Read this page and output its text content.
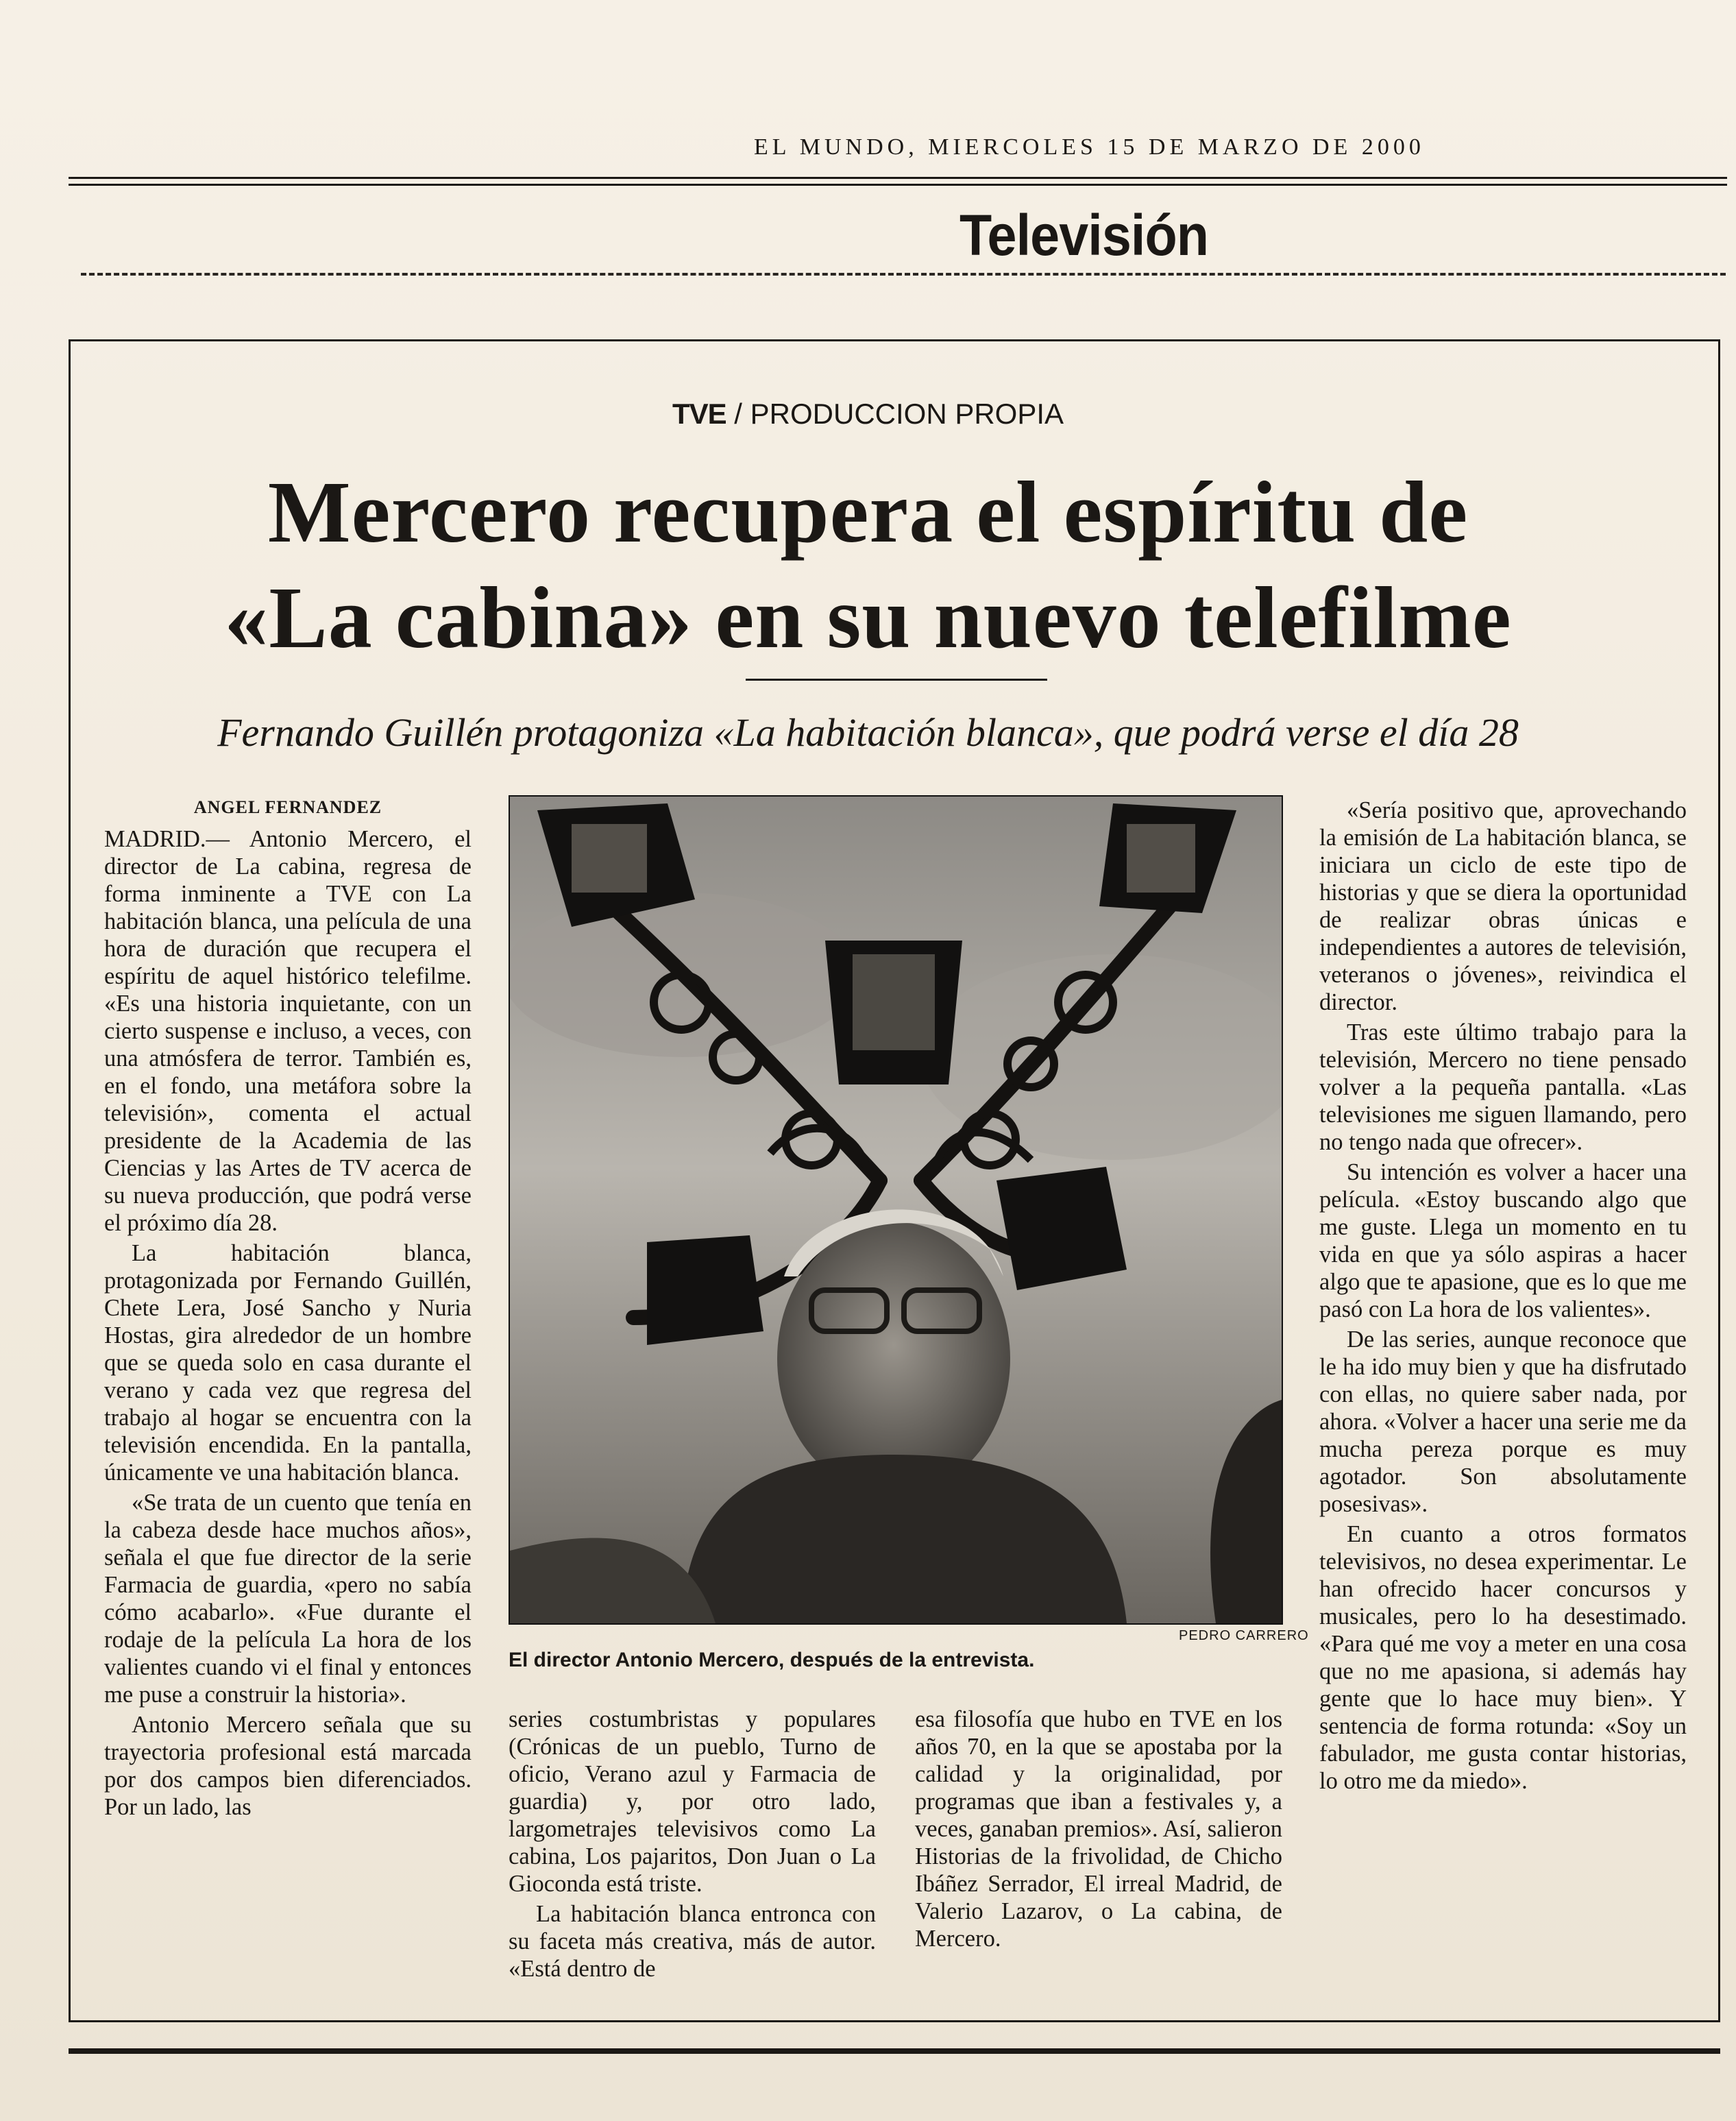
EL MUNDO, MIERCOLES 15 DE MARZO DE 2000
Televisión
TVE / PRODUCCION PROPIA
Mercero recupera el espíritu de
«La cabina» en su nuevo telefilme
Fernando Guillén protagoniza «La habitación blanca», que podrá verse el día 28

ANGEL FERNANDEZ

MADRID.— Antonio Mercero, el director de La cabina, regresa de forma inminente a TVE con La habitación blanca, una película de una hora de duración que recupera el espíritu de aquel histórico telefilme. «Es una historia inquietante, con un cierto suspense e incluso, a veces, con una atmósfera de terror. También es, en el fondo, una metáfora sobre la televisión», comenta el actual presidente de la Academia de las Ciencias y las Artes de TV acerca de su nueva producción, que podrá verse el próximo día 28.

La habitación blanca, protagonizada por Fernando Guillén, Chete Lera, José Sancho y Nuria Hostas, gira alrededor de un hombre que se queda solo en casa durante el verano y cada vez que regresa del trabajo al hogar se encuentra con la televisión encendida. En la pantalla, únicamente ve una habitación blanca.

«Se trata de un cuento que tenía en la cabeza desde hace muchos años», señala el que fue director de la serie Farmacia de guardia, «pero no sabía cómo acabarlo». «Fue durante el rodaje de la película La hora de los valientes cuando vi el final y entonces me puse a construir la historia».

Antonio Mercero señala que su trayectoria profesional está marcada por dos campos bien diferenciados. Por un lado, las

PEDRO CARRERO
El director Antonio Mercero, después de la entrevista.

series costumbristas y populares (Crónicas de un pueblo, Turno de oficio, Verano azul y Farmacia de guardia) y, por otro lado, largometrajes televisivos como La cabina, Los pajaritos, Don Juan o La Gioconda está triste.

La habitación blanca entronca con su faceta más creativa, más de autor. «Está dentro de

esa filosofía que hubo en TVE en los años 70, en la que se apostaba por la calidad y la originalidad, por programas que iban a festivales y, a veces, ganaban premios». Así, salieron Historias de la frivolidad, de Chicho Ibáñez Serrador, El irreal Madrid, de Valerio Lazarov, o La cabina, de Mercero.

«Sería positivo que, aprovechando la emisión de La habitación blanca, se iniciara un ciclo de este tipo de historias y que se diera la oportunidad de realizar obras únicas e independientes a autores de televisión, veteranos o jóvenes», reivindica el director.

Tras este último trabajo para la televisión, Mercero no tiene pensado volver a la pequeña pantalla. «Las televisiones me siguen llamando, pero no tengo nada que ofrecer».

Su intención es volver a hacer una película. «Estoy buscando algo que me guste. Llega un momento en tu vida en que ya sólo aspiras a hacer algo que te apasione, que es lo que me pasó con La hora de los valientes».

De las series, aunque reconoce que le ha ido muy bien y que ha disfrutado con ellas, no quiere saber nada, por ahora. «Volver a hacer una serie me da mucha pereza porque es muy agotador. Son absolutamente posesivas».

En cuanto a otros formatos televisivos, no desea experimentar. Le han ofrecido hacer concursos y musicales, pero lo ha desestimado. «Para qué me voy a meter en una cosa que no me apasiona, si además hay gente que lo hace muy bien». Y sentencia de forma rotunda: «Soy un fabulador, me gusta contar historias, lo otro me da miedo».
